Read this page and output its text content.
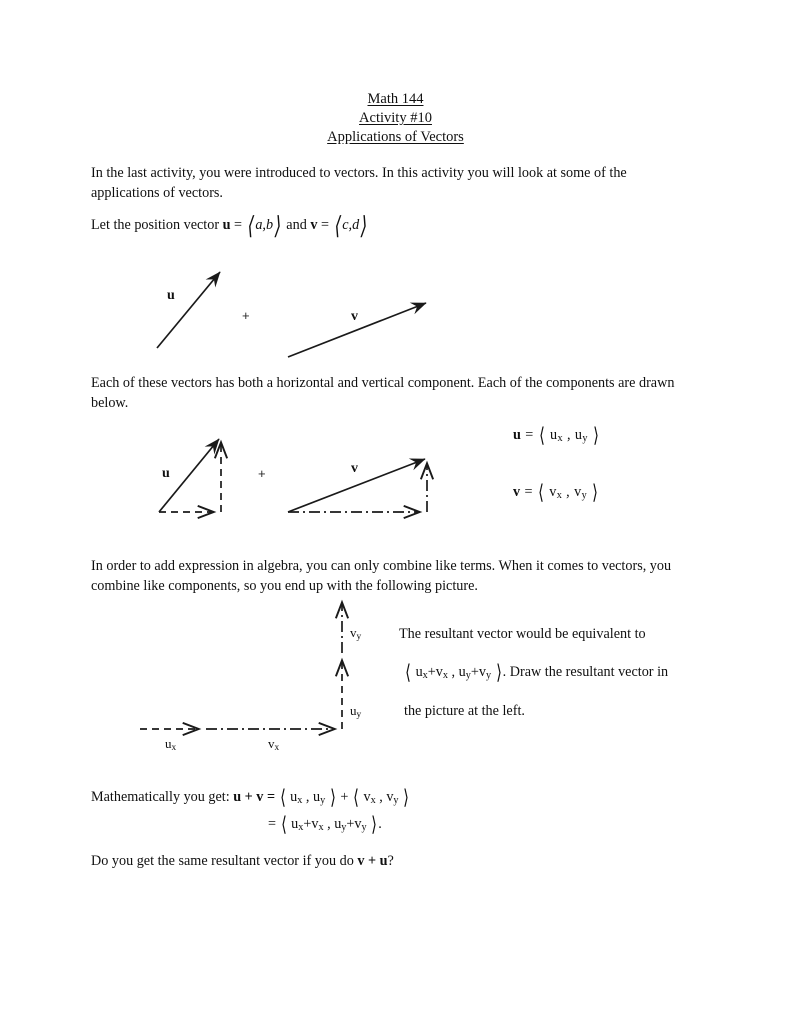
Math 144
Activity #10
Applications of Vectors
In the last activity, you were introduced to vectors. In this activity you will look at some of the applications of vectors.
Let the position vector u = ⟨a,b⟩ and v = ⟨c,d⟩
u
v
+
Each of these vectors has both a horizontal and vertical component. Each of the components are drawn below.
u	v
+
u = ⟨ $u_x$ , $u_y$ ⟩
v = ⟨ $v_x$ , $v_y$ ⟩
In order to add expression in algebra, you can only combine like terms. When it comes to vectors, you combine like components, so you end up with the following picture.
$u_x$	$v_x$
$u_y$
$v_y$	The resultant vector would be equivalent to
⟨ $u_x+v_x$ , $u_y+v_y$ ⟩. Draw the resultant vector in
the picture at the left.
Mathematically you get: u + v = ⟨ $u_x$ , $u_y$ ⟩ + ⟨ $v_x$ , $v_y$ ⟩
= ⟨ $u_x+v_x$ , $u_y+v_y$ ⟩.
Do you get the same resultant vector if you do v + u?
